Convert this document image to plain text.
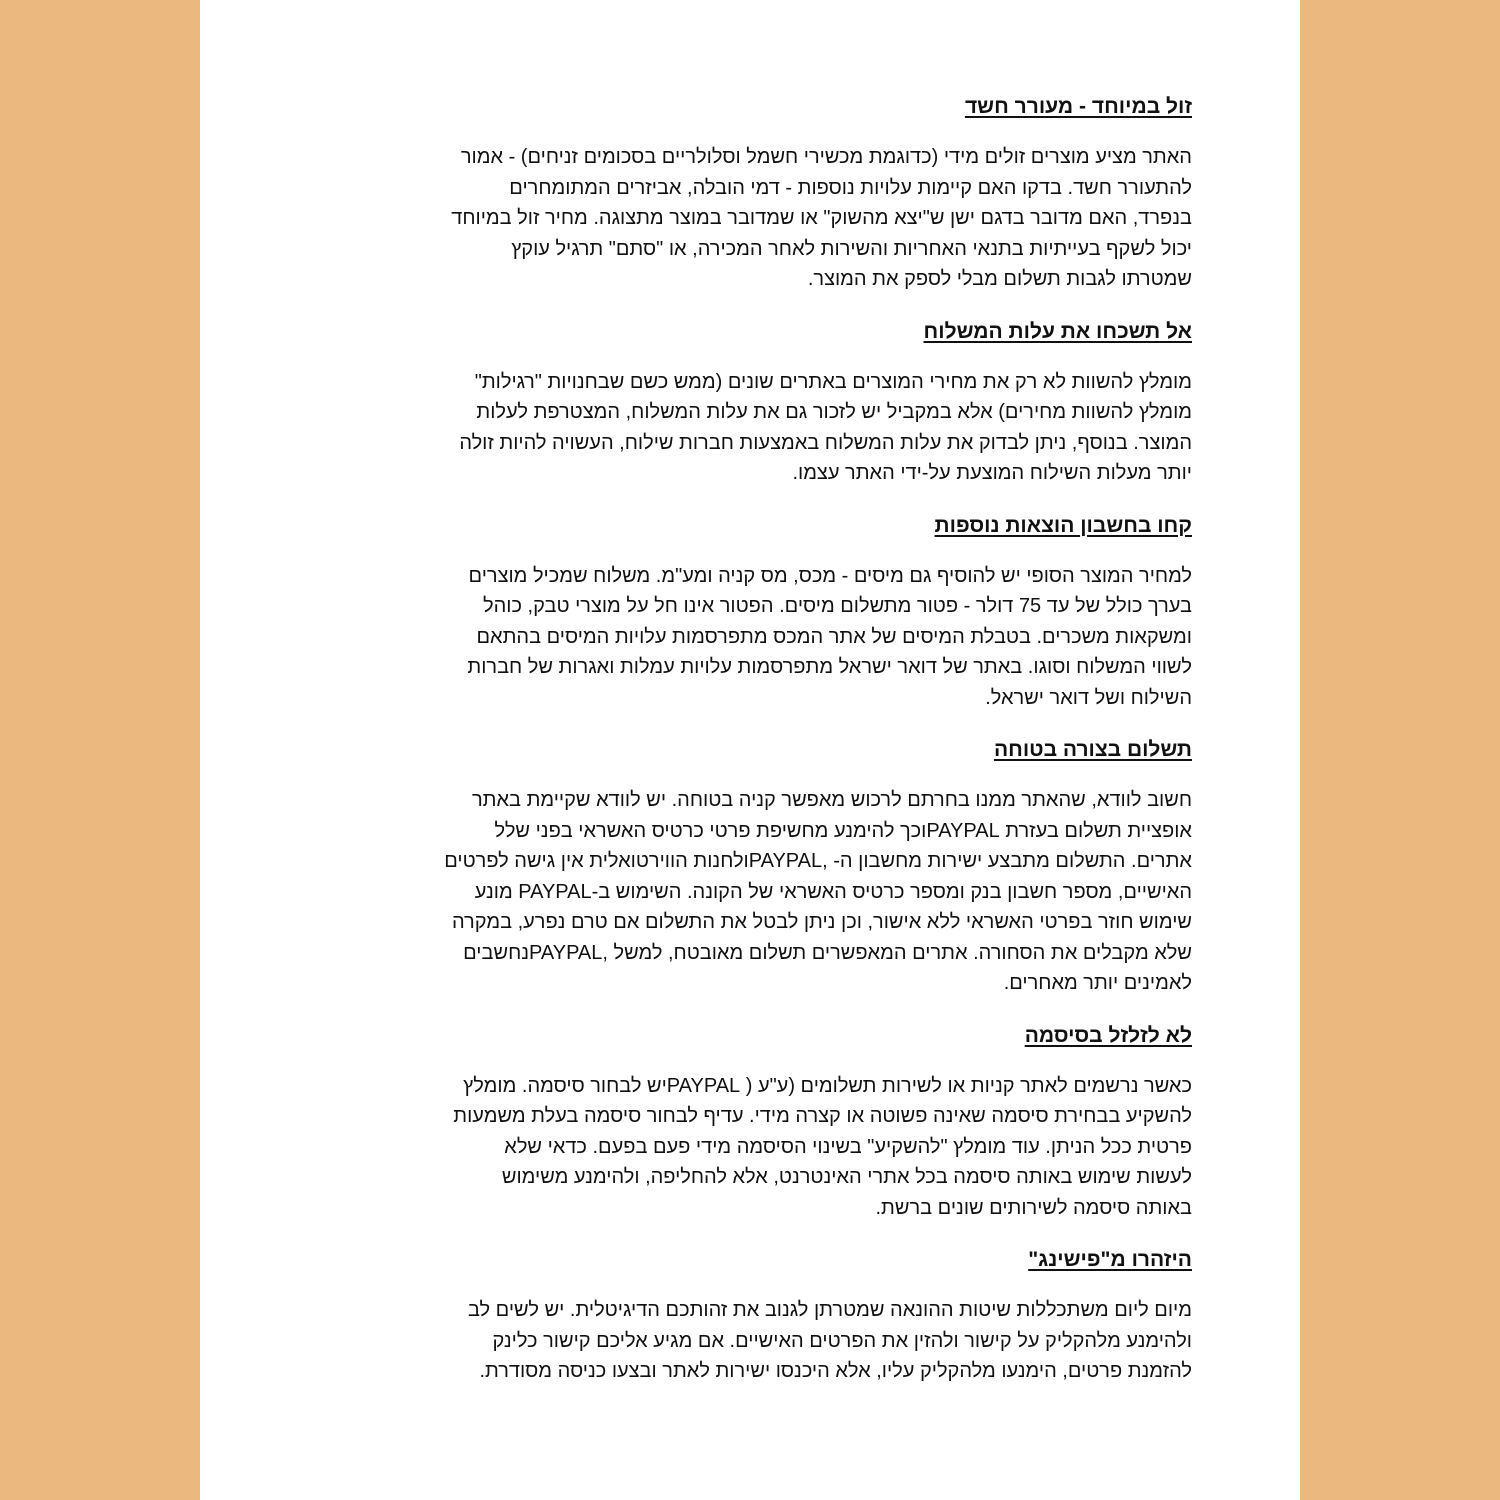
זול במיוחד - מעורר חשד
האתר מציע מוצרים זולים מידי (כדוגמת מכשירי חשמל וסלולריים בסכומים זניחים) - אמור
להתעורר חשד. בדקו האם קיימות עלויות נוספות - דמי הובלה, אביזרים המתומחרים
בנפרד, האם מדובר בדגם ישן ש"יצא מהשוק" או שמדובר במוצר מתצוגה. מחיר זול במיוחד
יכול לשקף בעייתיות בתנאי האחריות והשירות לאחר המכירה, או "סתם" תרגיל עוקץ
שמטרתו לגבות תשלום מבלי לספק את המוצר.
אל תשכחו את עלות המשלוח
מומלץ להשוות לא רק את מחירי המוצרים באתרים שונים (ממש כשם שבחנויות "רגילות"
מומלץ להשוות מחירים) אלא במקביל יש לזכור גם את עלות המשלוח, המצטרפת לעלות
המוצר. בנוסף, ניתן לבדוק את עלות המשלוח באמצעות חברות שילוח, העשויה להיות זולה
יותר מעלות השילוח המוצעת על-ידי האתר עצמו.
קחו בחשבון הוצאות נוספות
למחיר המוצר הסופי יש להוסיף גם מיסים - מכס, מס קניה ומע"מ. משלוח שמכיל מוצרים
בערך כולל של עד 75 דולר - פטור מתשלום מיסים. הפטור אינו חל על מוצרי טבק, כוהל
ומשקאות משכרים. בטבלת המיסים של אתר המכס מתפרסמות עלויות המיסים בהתאם
לשווי המשלוח וסוגו. באתר של דואר ישראל מתפרסמות עלויות עמלות ואגרות של חברות
השילוח ושל דואר ישראל.
תשלום בצורה בטוחה
חשוב לוודא, שהאתר ממנו בחרתם לרכוש מאפשר קניה בטוחה. יש לוודא שקיימת באתר
אופציית תשלום בעזרת PAYPALוכך להימנע מחשיפת פרטי כרטיס האשראי בפני שלל
אתרים. התשלום מתבצע ישירות מחשבון ה- ,PAYPALולחנות הווירטואלית אין גישה לפרטים
האישיים, מספר חשבון בנק ומספר כרטיס האשראי של הקונה. השימוש ב-PAYPAL מונע
שימוש חוזר בפרטי האשראי ללא אישור, וכן ניתן לבטל את התשלום אם טרם נפרע, במקרה
שלא מקבלים את הסחורה. אתרים המאפשרים תשלום מאובטח, למשל ,PAYPALנחשבים
לאמינים יותר מאחרים.
לא לזלזל בסיסמה
כאשר נרשמים לאתר קניות או לשירות תשלומים (ע"ע ( PAYPALיש לבחור סיסמה. מומלץ
להשקיע בבחירת סיסמה שאינה פשוטה או קצרה מידי. עדיף לבחור סיסמה בעלת משמעות
פרטית ככל הניתן. עוד מומלץ "להשקיע" בשינוי הסיסמה מידי פעם בפעם. כדאי שלא
לעשות שימוש באותה סיסמה בכל אתרי האינטרנט, אלא להחליפה, ולהימנע משימוש
באותה סיסמה לשירותים שונים ברשת.
היזהרו מ"פישינג"
מיום ליום משתכללות שיטות ההונאה שמטרתן לגנוב את זהותכם הדיגיטלית. יש לשים לב
ולהימנע מלהקליק על קישור ולהזין את הפרטים האישיים. אם מגיע אליכם קישור כלינק
להזמנת פרטים, הימנעו מלהקליק עליו, אלא היכנסו ישירות לאתר ובצעו כניסה מסודרת.
